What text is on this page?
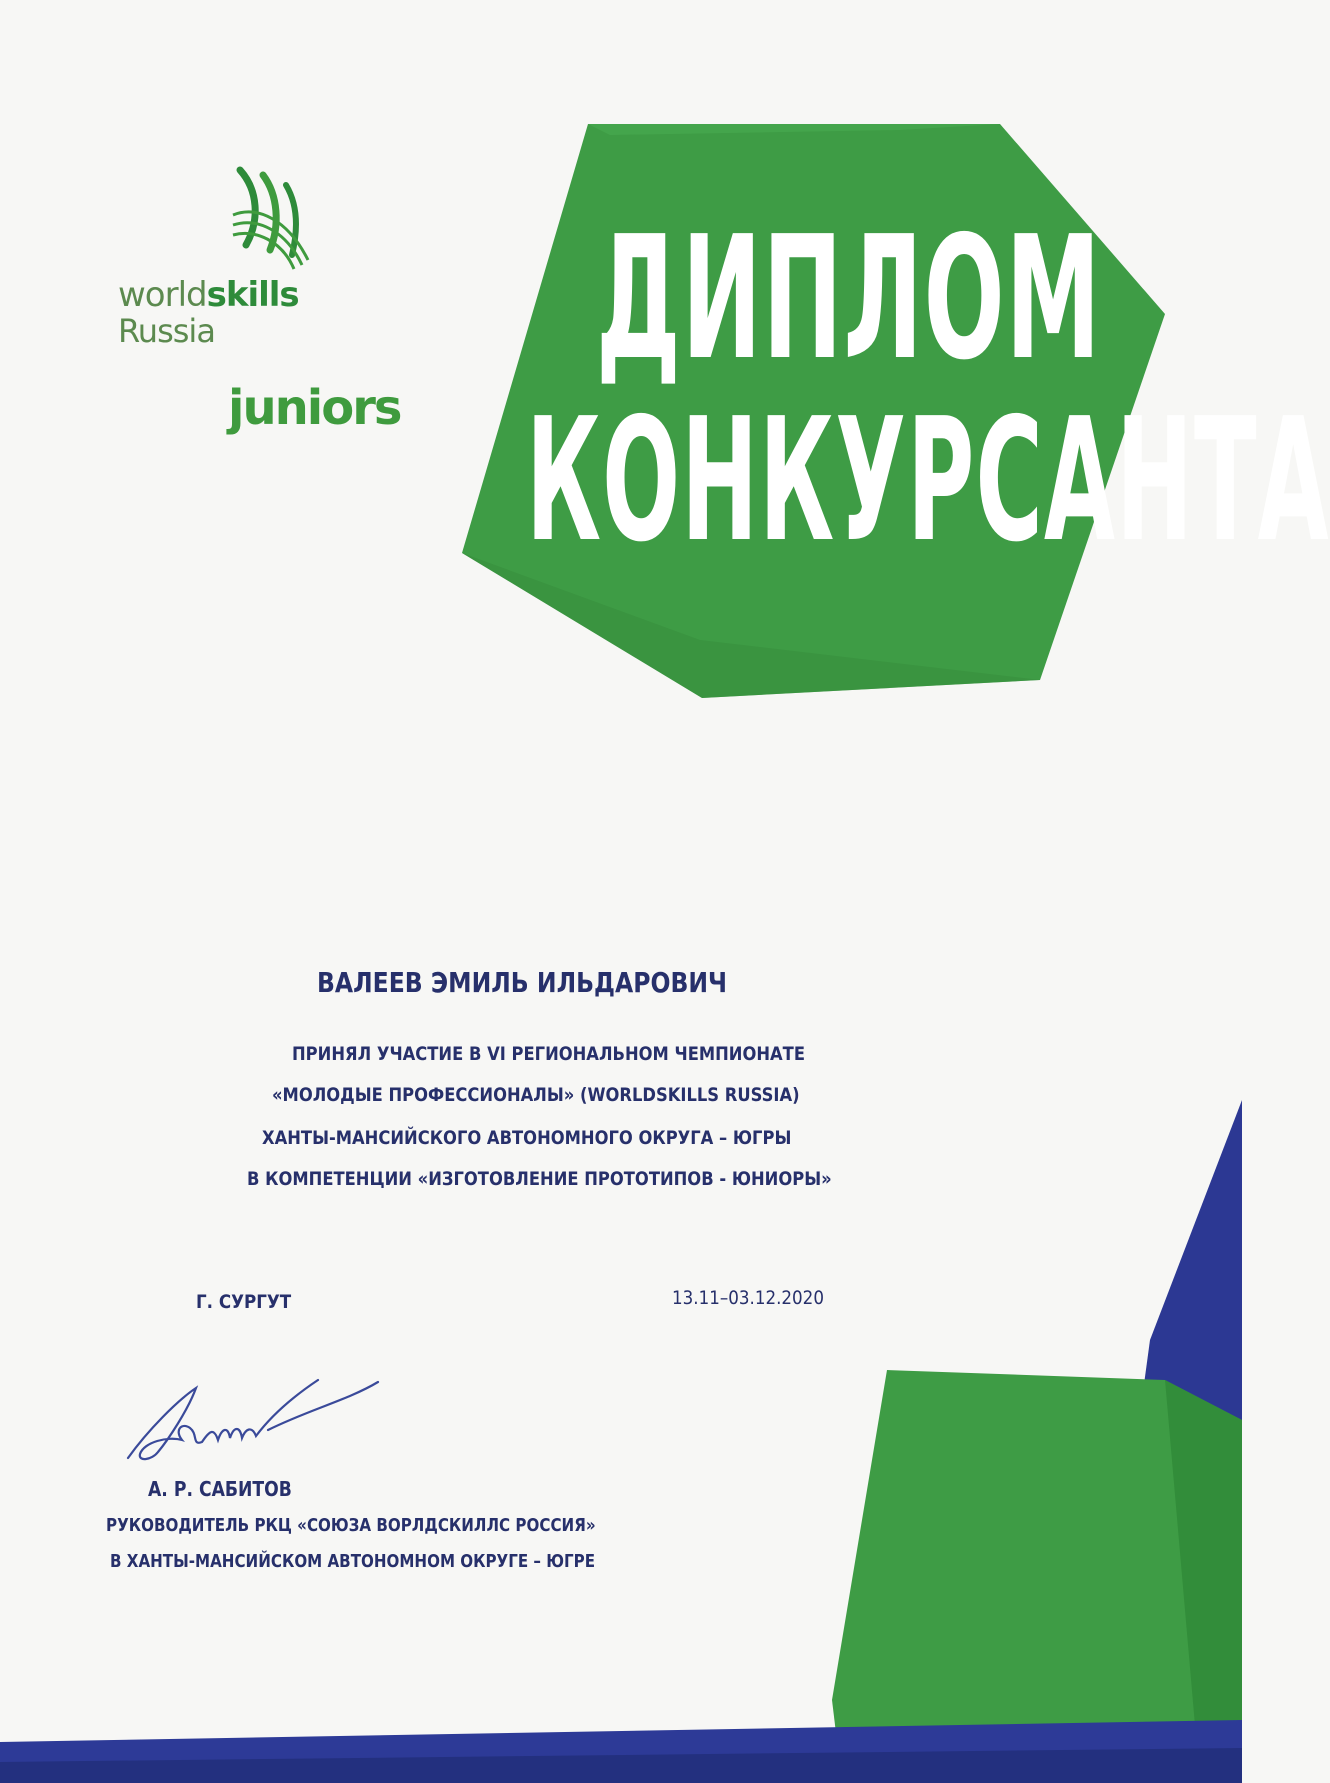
worldskills
Russia
juniors
ДИПЛОМ
КОНКУРСАНТА
ВАЛЕЕВ ЭМИЛЬ ИЛЬДАРОВИЧ
ПРИНЯЛ УЧАСТИЕ В VI РЕГИОНАЛЬНОМ ЧЕМПИОНАТЕ
«МОЛОДЫЕ ПРОФЕССИОНАЛЫ» (WORLDSKILLS RUSSIA)
ХАНТЫ-МАНСИЙСКОГО АВТОНОМНОГО ОКРУГА – ЮГРЫ
В КОМПЕТЕНЦИИ «ИЗГОТОВЛЕНИЕ ПРОТОТИПОВ - ЮНИОРЫ»
Г. СУРГУТ	13.11–03.12.2020
А. Р. САБИТОВ
РУКОВОДИТЕЛЬ РКЦ «СОЮЗА ВОРЛДСКИЛЛС РОССИЯ»
В ХАНТЫ-МАНСИЙСКОМ АВТОНОМНОМ ОКРУГЕ – ЮГРЕ
